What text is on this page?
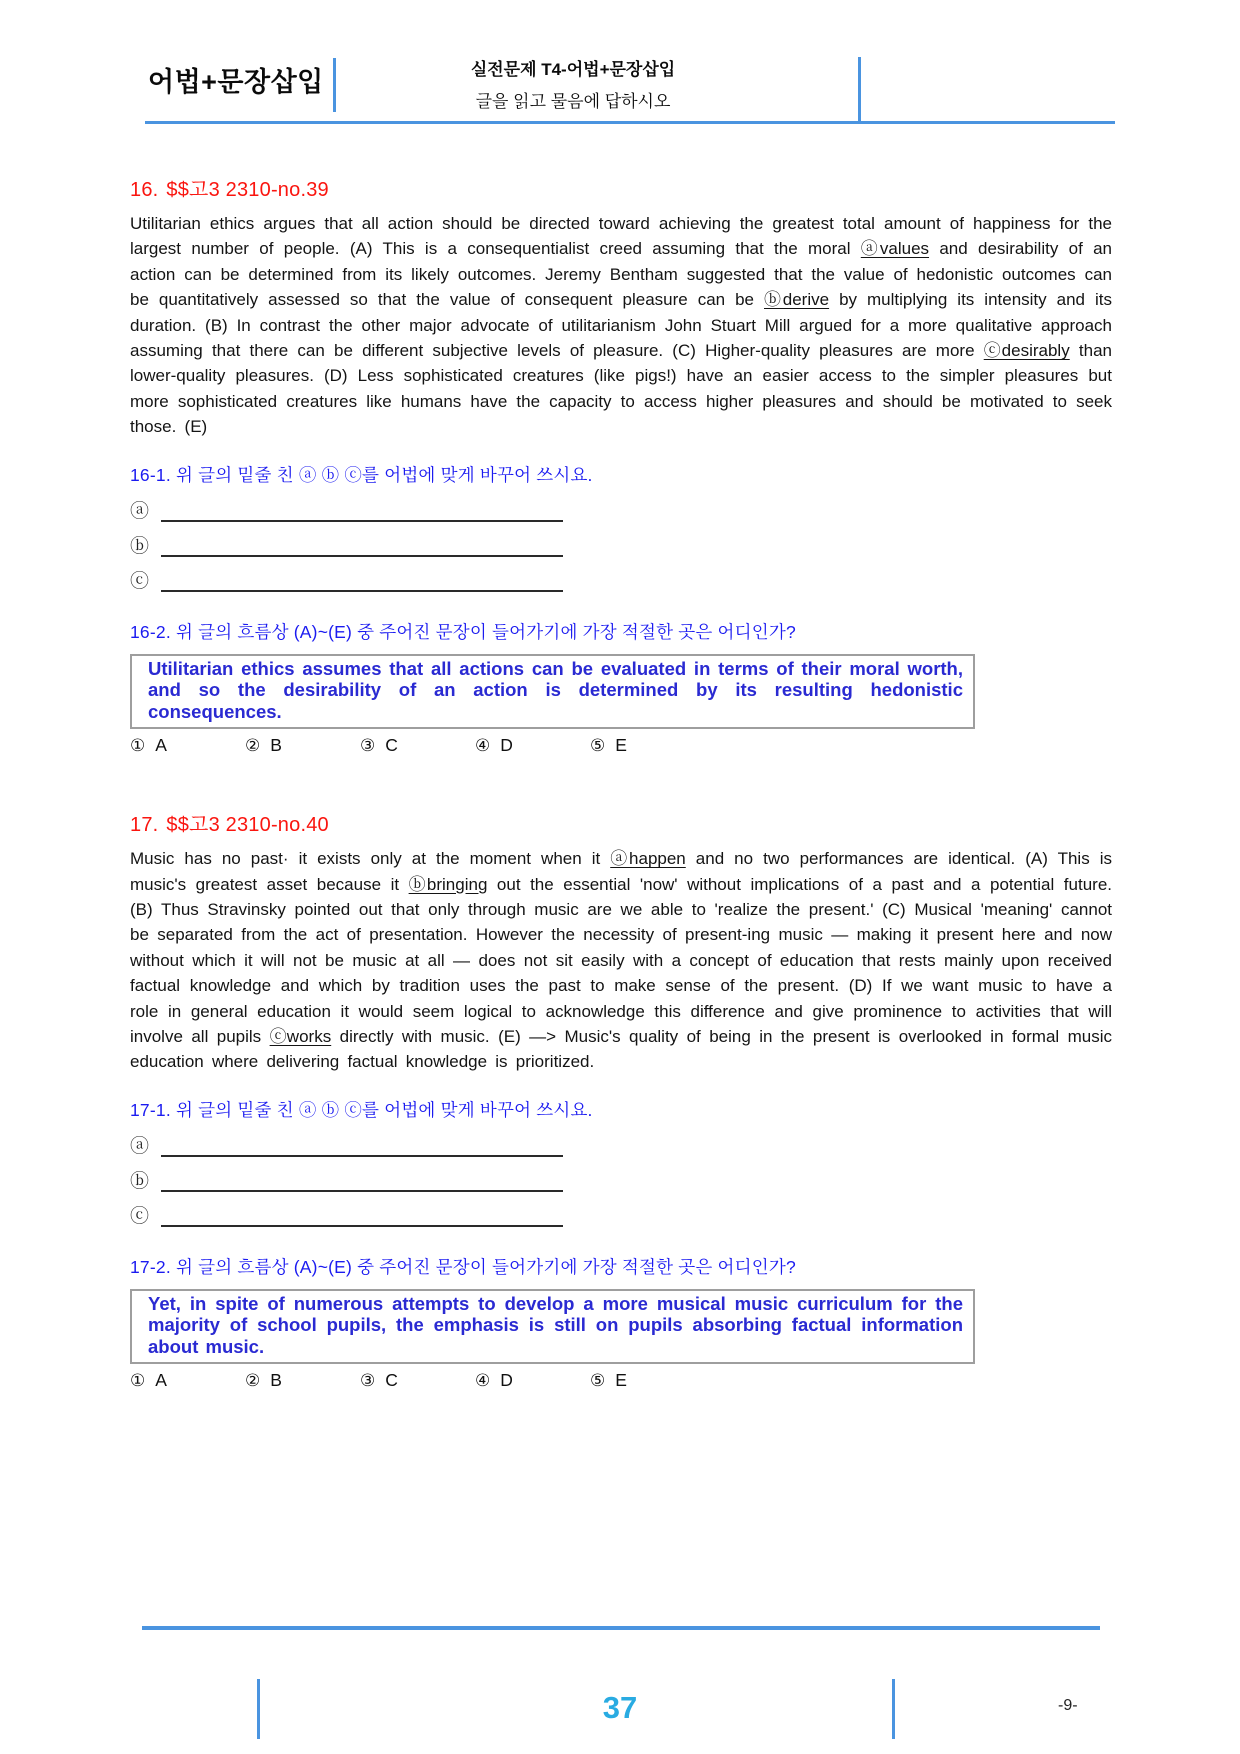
어법+문장삽입	실전문제 T4-어법+문장삽입
글을 읽고 물음에 답하시오
16. $$고3 2310-no.39

Utilitarian ethics argues that all action should be directed toward achieving the greatest total amount of happiness for the largest number of people. (A) This is a consequentialist creed assuming that the moral ⓐvalues and desirability of an action can be determined from its likely outcomes. Jeremy Bentham suggested that the value of hedonistic outcomes can be quantitatively assessed so that the value of consequent pleasure can be ⓑderive by multiplying its intensity and its duration. (B) In contrast the other major advocate of utilitarianism John Stuart Mill argued for a more qualitative approach assuming that there can be different subjective levels of pleasure. (C) Higher-quality pleasures are more ⓒdesirably than lower-quality pleasures. (D) Less sophisticated creatures (like pigs!) have an easier access to the simpler pleasures but more sophisticated creatures like humans have the capacity to access higher pleasures and should be motivated to seek those. (E)

16-1. 위 글의 밑줄 친 ⓐ ⓑ ⓒ를 어법에 맞게 바꾸어 쓰시요.
ⓐ
ⓑ
ⓒ
16-2. 위 글의 흐름상 (A)~(E) 중 주어진 문장이 들어가기에 가장 적절한 곳은 어디인가?
Utilitarian ethics assumes that all actions can be evaluated in terms of their moral worth, and so the desirability of an action is determined by its resulting hedonistic consequences.
① A	② B	③ C	④ D	⑤ E
17. $$고3 2310-no.40

Music has no past· it exists only at the moment when it ⓐhappen and no two performances are identical. (A) This is music's greatest asset because it ⓑbringing out the essential 'now' without implications of a past and a potential future. (B) Thus Stravinsky pointed out that only through music are we able to 'realize the present.' (C) Musical 'meaning' cannot be separated from the act of presentation. However the necessity of present-ing music — making it present here and now without which it will not be music at all — does not sit easily with a concept of education that rests mainly upon received factual knowledge and which by tradition uses the past to make sense of the present. (D) If we want music to have a role in general education it would seem logical to acknowledge this difference and give prominence to activities that will involve all pupils ⓒworks directly with music. (E) —> Music's quality of being in the present is overlooked in formal music education where delivering factual knowledge is prioritized.

17-1. 위 글의 밑줄 친 ⓐ ⓑ ⓒ를 어법에 맞게 바꾸어 쓰시요.
ⓐ
ⓑ
ⓒ
17-2. 위 글의 흐름상 (A)~(E) 중 주어진 문장이 들어가기에 가장 적절한 곳은 어디인가?
Yet, in spite of numerous attempts to develop a more musical music curriculum for the majority of school pupils, the emphasis is still on pupils absorbing factual information about music.
① A	② B	③ C	④ D	⑤ E
37	-9-
